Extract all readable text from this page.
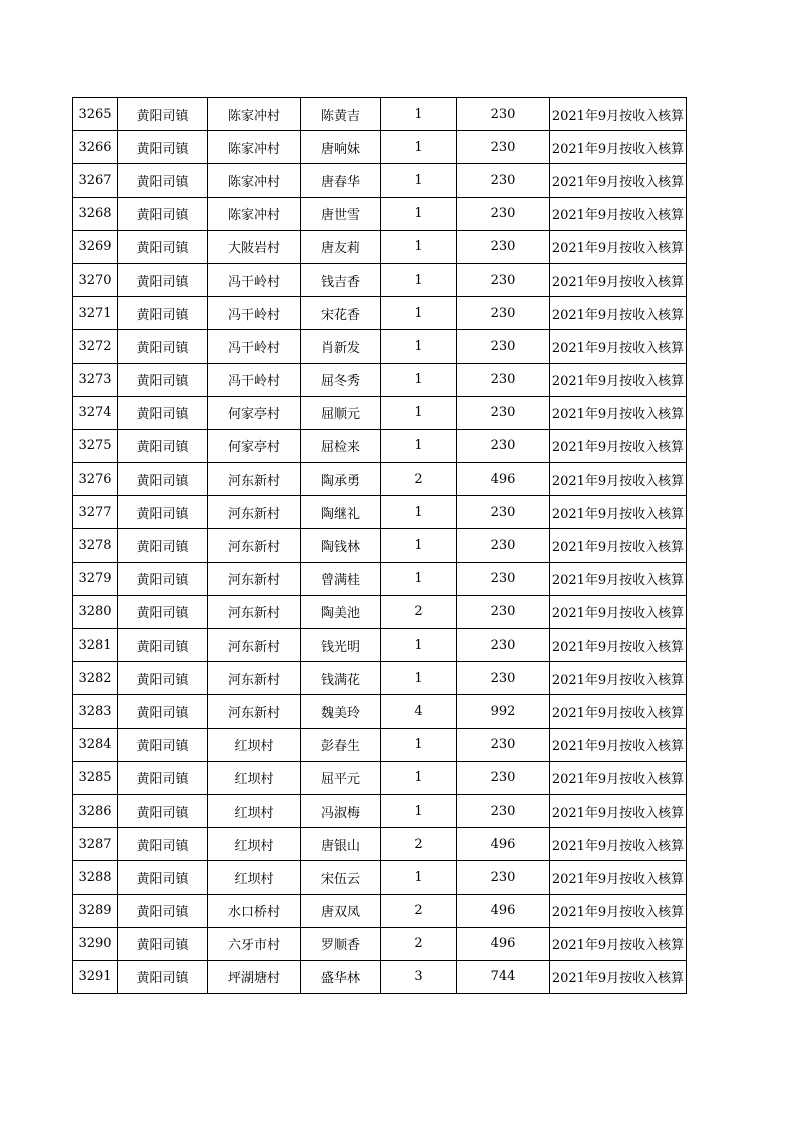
3265	黄阳司镇	陈家冲村	陈黄吉	1	230	2021年9月按收入核算
3266	黄阳司镇	陈家冲村	唐响妹	1	230	2021年9月按收入核算
3267	黄阳司镇	陈家冲村	唐春华	1	230	2021年9月按收入核算
3268	黄阳司镇	陈家冲村	唐世雪	1	230	2021年9月按收入核算
3269	黄阳司镇	大陂岩村	唐友莉	1	230	2021年9月按收入核算
3270	黄阳司镇	冯干岭村	钱吉香	1	230	2021年9月按收入核算
3271	黄阳司镇	冯干岭村	宋花香	1	230	2021年9月按收入核算
3272	黄阳司镇	冯干岭村	肖新发	1	230	2021年9月按收入核算
3273	黄阳司镇	冯干岭村	屈冬秀	1	230	2021年9月按收入核算
3274	黄阳司镇	何家亭村	屈顺元	1	230	2021年9月按收入核算
3275	黄阳司镇	何家亭村	屈检来	1	230	2021年9月按收入核算
3276	黄阳司镇	河东新村	陶承勇	2	496	2021年9月按收入核算
3277	黄阳司镇	河东新村	陶继礼	1	230	2021年9月按收入核算
3278	黄阳司镇	河东新村	陶钱林	1	230	2021年9月按收入核算
3279	黄阳司镇	河东新村	曾满桂	1	230	2021年9月按收入核算
3280	黄阳司镇	河东新村	陶美池	2	230	2021年9月按收入核算
3281	黄阳司镇	河东新村	钱光明	1	230	2021年9月按收入核算
3282	黄阳司镇	河东新村	钱满花	1	230	2021年9月按收入核算
3283	黄阳司镇	河东新村	魏美玲	4	992	2021年9月按收入核算
3284	黄阳司镇	红坝村	彭春生	1	230	2021年9月按收入核算
3285	黄阳司镇	红坝村	屈平元	1	230	2021年9月按收入核算
3286	黄阳司镇	红坝村	冯淑梅	1	230	2021年9月按收入核算
3287	黄阳司镇	红坝村	唐银山	2	496	2021年9月按收入核算
3288	黄阳司镇	红坝村	宋伍云	1	230	2021年9月按收入核算
3289	黄阳司镇	水口桥村	唐双凤	2	496	2021年9月按收入核算
3290	黄阳司镇	六牙市村	罗顺香	2	496	2021年9月按收入核算
3291	黄阳司镇	坪湖塘村	盛华林	3	744	2021年9月按收入核算
